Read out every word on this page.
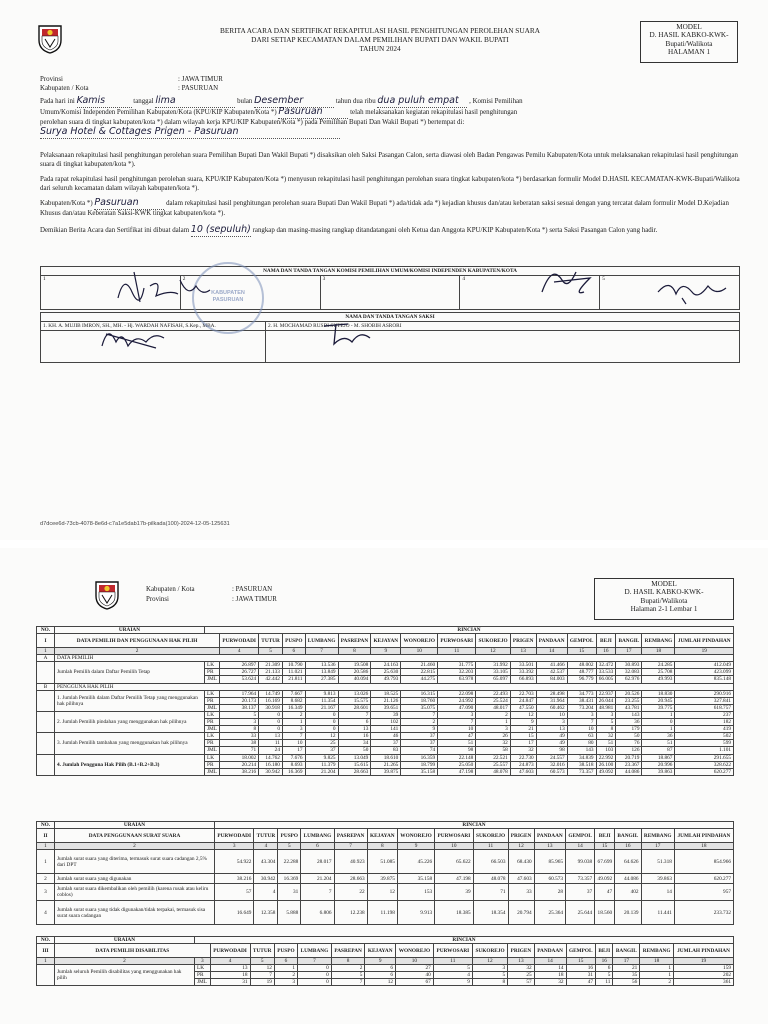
BERITA ACARA DAN SERTIFIKAT REKAPITULASI HASIL PENGHITUNGAN PEROLEHAN SUARA
DARI SETIAP KECAMATAN DALAM PEMILIHAN BUPATI DAN WAKIL BUPATI
TAHUN 2024
MODEL
D. HASIL KABKO-KWK-
Bupati/Walikota
HALAMAN 1
Provinsi	: JAWA TIMUR
Kabupaten / Kota	: PASURUAN
Pada hari ini Kamis	tanggal lima	bulan Desember	tahun dua ribu dua puluh empat , Komisi Pemilihan
Umum/Komisi Independen Pemilihan Kabupaten/Kota (KPU/KIP Kabupaten/Kota *) Pasuruan	telah melaksanakan kegiatan rekapitulasi hasil penghitungan
perolehan suara di tingkat kabupaten/kota *) dalam wilayah kerja KPU/KIP Kabupaten/Kota *) pada Pemilihan Bupati Dan Wakil Bupati *) bertempat di:
Surya Hotel & Cottages Prigen - Pasuruan
Pelaksanaan rekapitulasi hasil penghitungan perolehan suara Pemilihan Bupati Dan Wakil Bupati *) disaksikan oleh Saksi Pasangan Calon, serta diawasi oleh Badan Pengawas Pemilu Kabupaten/Kota untuk melaksanakan rekapitulasi hasil penghitungan suara di tingkat kabupaten/kota *).
Pada rapat rekapitulasi hasil penghitungan perolehan suara, KPU/KIP Kabupaten/Kota *) menyusun rekapitulasi hasil penghitungan perolehan suara tingkat kabupaten/kota *) berdasarkan formulir Model D.HASIL KECAMATAN-KWK-Bupati/Walikota dari seluruh kecamatan dalam wilayah kabupaten/kota *).
Kabupaten/Kota *) Pasuruan	dalam rekapitulasi hasil penghitungan perolehan suara Bupati Dan Wakil Bupati *) ada/tidak ada *) kejadian khusus dan/atau keberatan saksi sesuai dengan yang tercatat dalam formulir Model D.Kejadian Khusus dan/atau Keberatan Saksi-KWK tingkat kabupaten/kota *).
Demikian Berita Acara dan Sertifikat ini dibuat dalam 10 (sepuluh) rangkap dan masing-masing rangkap ditandatangani oleh Ketua dan Anggota KPU/KIP Kabupaten/Kota *) serta Saksi Pasangan Calon yang hadir.
NAMA DAN TANDA TANGAN KOMISI PEMILIHAN UMUM/KOMISI INDEPENDEN KABUPATEN/KOTA
1	2	3	4	5
NAMA DAN TANDA TANGAN SAKSI	
1. KH. A. MUJIB IMRON, SH., MH. - Hj. WARDAH NAFISAH, S.Kep., MBA.	2. H. MOCHAMAD RUSDI SUTEJO - M. SHOBIH ASRORI

KABUPATEN PASURUAN
d7dcee6d-73cb-4078-8e6d-c7a1e5dab17b-pilkada(100)-2024-12-05-125631
Kabupaten / Kota	: PASURUAN
Provinsi	: JAWA TIMUR
MODEL
D. HASIL KABKO-KWK-
Bupati/Walikota
Halaman 2-1 Lembar 1
NO.	URAIAN	RINCIAN																
I	DATA PEMILIH DAN PENGGUNAAN HAK PILIH		PURWODADI	TUTUR	PUSPO	LUMBANG	PASREPAN	KEJAYAN	WONOREJO	PURWOSARI	SUKOREJO	PRIGEN	PANDAAN	GEMPOL	BEJI	BANGIL	REMBANG	JUMLAH PINDAHAN
1	2		4	5	6	7	8	9	10	11	12	13	14	15	16	17	18	19
A	DATA PEMILIH																	
	Jumlah Pemilih dalam Daftar Pemilih Tetap	LK	26.897	21.309	10.790	13.536	19.508	24.163	21.460	31.775	31.992	33.501	41.466	48.002	32.472	30.893	24.285	412.049
		PR	26.727	21.133	11.021	13.849	20.586	25.630	22.815	32.203	33.105	33.392	42.537	48.777	33.533	32.083	25.708	423.099
		JML	53.624	42.442	21.811	27.385	40.094	49.793	44.275	63.978	65.097	66.893	84.003	96.779	66.005	62.976	49.993	835.148
B	PENGGUNA HAK PILIH																	
	1. Jumlah Pemilih dalam Daftar Pemilih Tetap yang menggunakan hak pilihnya	LK	17.964	14.749	7.667	9.813	13.026	18.525	16.315	22.098	22.493	22.703	28.498	34.773	22.937	20.526	18.830	290.916
		PR	20.173	16.169	8.682	11.354	15.575	21.126	18.760	24.992	25.524	24.847	31.964	38.431	26.044	23.255	20.945	327.841
		JML	38.137	30.918	16.349	21.167	28.601	39.651	35.075	47.090	48.017	47.550	60.462	73.204	48.981	43.781	39.775	618.757
	2. Jumlah Pemilih pindahan yang menggunakan hak pilihnya	LK	5	0	2	0	7	39	7	3	2	12	10	3	3	143	1	237
		PR	3	0	1	0	6	102	2	7	1	9	3	7	5	36	0	182
		JML	8	0	3	0	13	141	9	10	3	21	13	10	8	179	1	419
	3. Jumlah Pemilih tambahan yang menggunakan hak pilihnya	LK	33	13	7	12	16	46	37	47	26	15	49	63	32	50	36	502
		PR	38	11	10	25	34	37	37	51	32	17	49	80	51	76	51	599
		JML	71	24	17	37	50	83	74	98	58	32	98	143	103	126	87	1.101
	4. Jumlah Pengguna Hak Pilih (B.1+B.2+B.3)	LK	18.002	14.762	7.676	9.825	13.049	18.610	16.359	22.148	22.521	22.730	24.557	34.839	22.992	20.719	18.867	291.655
		PR	20.214	16.180	8.693	11.379	15.615	21.265	18.799	25.050	25.557	24.873	32.016	38.518	26.100	23.367	20.996	328.622
		JML	38.216	30.942	16.369	21.204	28.663	39.875	35.158	47.198	48.078	47.603	60.573	73.357	49.092	44.086	39.863	620.277
NO.	URAIAN	RINCIAN															
II	DATA PENGGUNAAN SURAT SUARA	PURWODADI	TUTUR	PUSPO	LUMBANG	PASREPAN	KEJAYAN	WONOREJO	PURWOSARI	SUKOREJO	PRIGEN	PANDAAN	GEMPOL	BEJI	BANGIL	REMBANG	JUMLAH PINDAHAN
1	2	3	4	5	6	7	8	9	10	11	12	13	14	15	16	17	18
1	Jumlah surat suara yang diterima, termasuk surat suara cadangan 2,5% dari DPT	54.922	43.304	22.288	28.017	40.923	51.085	45.226	65.622	66.503	68.430	85.965	99.038	67.699	64.626	51.318	854.966
2	Jumlah surat suara yang digunakan	38.216	30.942	16.369	21.204	28.663	39.875	35.158	47.198	48.078	47.603	60.573	73.357	49.092	44.086	39.863	620.277
3	Jumlah surat suara dikembalikan oleh pemilih (karena rusak atau keliru coblos)	57	4	31	7	22	12	153	39	71	33	28	37	47	402	14	957
4	Jumlah surat suara yang tidak digunakan/tidak terpakai, termasuk sisa surat suara cadangan	16.649	12.358	5.888	6.806	12.238	11.198	9.913	18.385	18.354	20.794	25.364	25.644	18.560	20.139	11.441	233.732
NO.	URAIAN	RINCIAN																
III	DATA PEMILIH DISABILITAS		PURWODADI	TUTUR	PUSPO	LUMBANG	PASREPAN	KEJAYAN	WONOREJO	PURWOSARI	SUKOREJO	PRIGEN	PANDAAN	GEMPOL	BEJI	BANGIL	REMBANG	JUMLAH PINDAHAN
1	2	3	4	5	6	7	8	9	10	11	12	13	14	15	16	17	18	19
	Jumlah seluruh Pemilih disabilitas yang menggunakan hak pilih	LK	13	12	1	0	2	6	27	5	3	32	14	16	6	21	1	159
		PR	18	7	2	0	5	6	40	4	5	25	18	31	5	35	1	202
		JML	31	19	3	0	7	12	67	9	8	57	32	47	11	56	2	361
